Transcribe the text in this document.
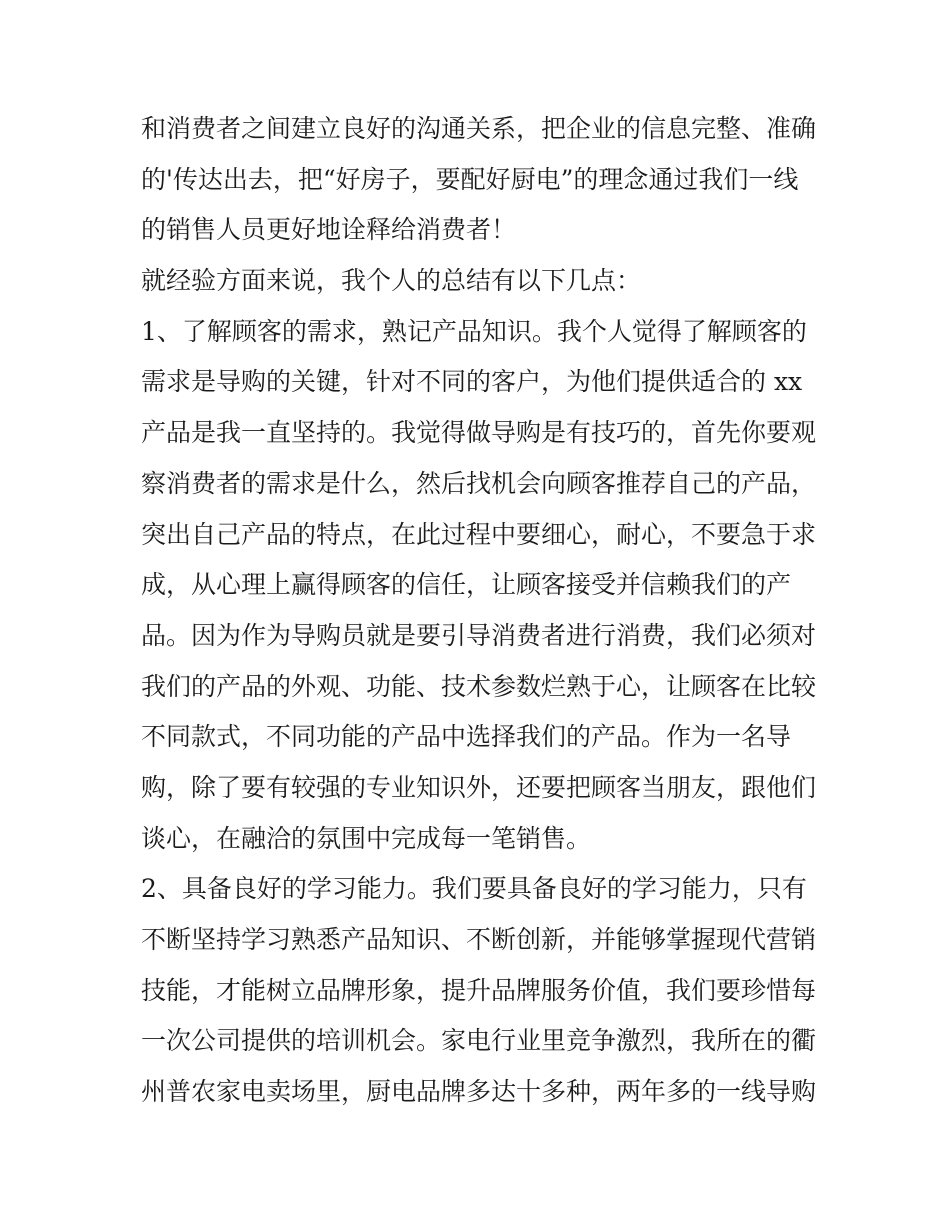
和消费者之间建立良好的沟通关系，把企业的信息完整、准确
的'传达出去，把“好房子，要配好厨电”的理念通过我们一线
的销售人员更好地诠释给消费者！
就经验方面来说，我个人的总结有以下几点：
1、了解顾客的需求，熟记产品知识。我个人觉得了解顾客的
需求是导购的关键，针对不同的客户，为他们提供适合的 xx
产品是我一直坚持的。我觉得做导购是有技巧的，首先你要观
察消费者的需求是什么，然后找机会向顾客推荐自己的产品，
突出自己产品的特点，在此过程中要细心，耐心，不要急于求
成，从心理上赢得顾客的信任，让顾客接受并信赖我们的产
品。因为作为导购员就是要引导消费者进行消费，我们必须对
我们的产品的外观、功能、技术参数烂熟于心，让顾客在比较
不同款式，不同功能的产品中选择我们的产品。作为一名导
购，除了要有较强的专业知识外，还要把顾客当朋友，跟他们
谈心，在融洽的氛围中完成每一笔销售。
2、具备良好的学习能力。我们要具备良好的学习能力，只有
不断坚持学习熟悉产品知识、不断创新，并能够掌握现代营销
技能，才能树立品牌形象，提升品牌服务价值，我们要珍惜每
一次公司提供的培训机会。家电行业里竞争激烈，我所在的衢
州普农家电卖场里，厨电品牌多达十多种，两年多的一线导购
